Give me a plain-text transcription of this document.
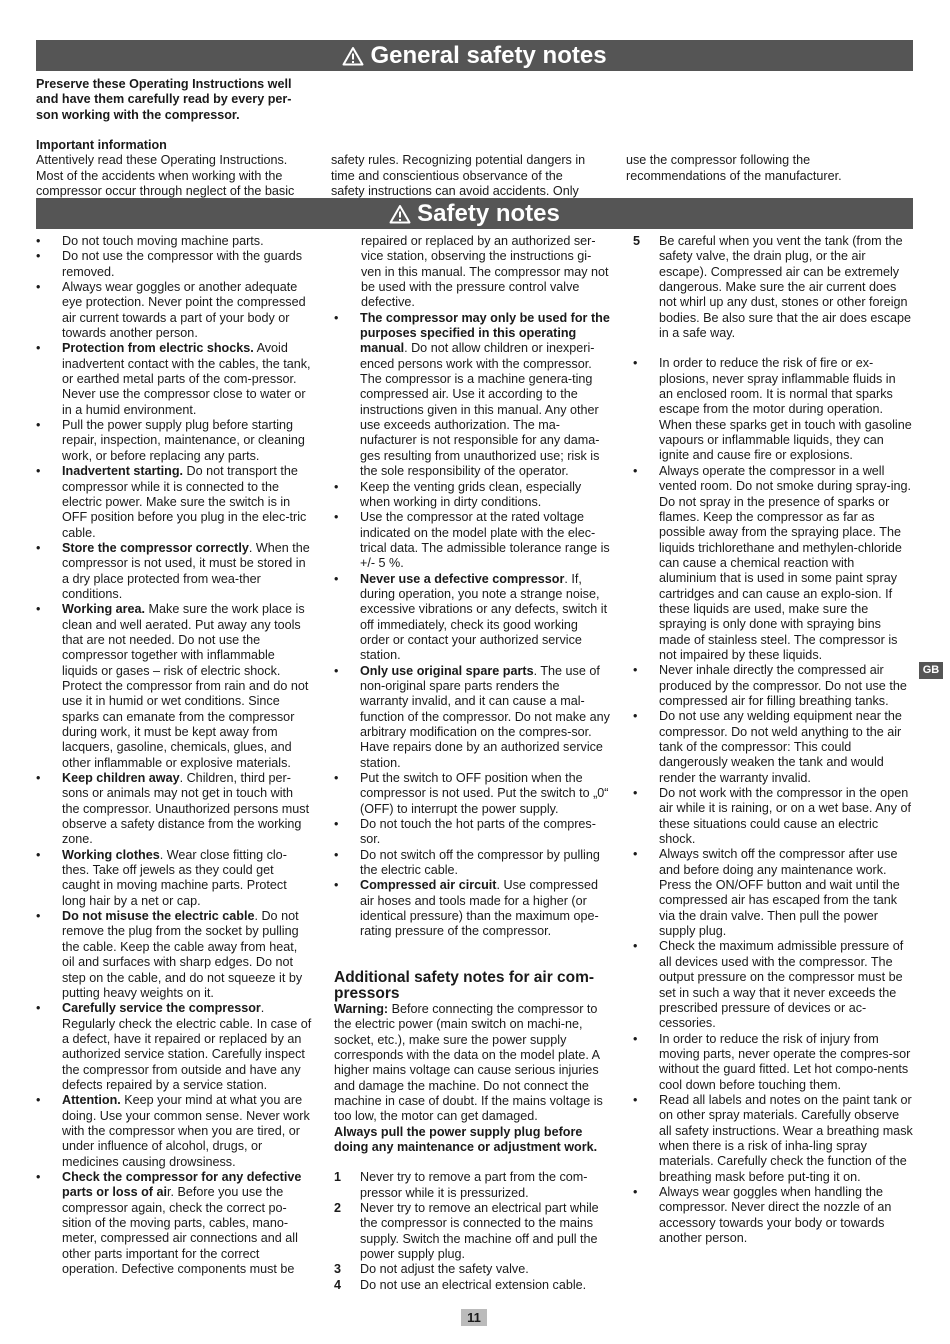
General safety notes

Preserve these Operating Instructions well and have them carefully read by every per-son working with the compressor.

Important information

Attentively read these Operating Instructions. Most of the accidents when working with the compressor occur through neglect of the basic safety rules. Recognizing potential dangers in time and conscientious observance of the safety instructions can avoid accidents. Only use the compressor following the recommendations of the manufacturer.

Safety notes
•	Do not touch moving machine parts.
•	Do not use the compressor with the guards removed.
•	Always wear goggles or another adequate eye protection. Never point the compressed air current towards a part of your body or towards another person.
•	Protection from electric shocks. Avoid inadvertent contact with the cables, the tank, or earthed metal parts of the com-pressor. Never use the compressor close to water or in a humid environment.
•	Pull the power supply plug before starting repair, inspection, maintenance, or cleaning work, or before replacing any parts.
•	Inadvertent starting. Do not transport the compressor while it is connected to the electric power. Make sure the switch is in OFF position before you plug in the elec-tric cable.
•	Store the compressor correctly. When the compressor is not used, it must be stored in a dry place protected from wea-ther conditions.
•	Working area. Make sure the work place is clean and well aerated. Put away any tools that are not needed. Do not use the compressor together with inflammable liquids or gases – risk of electric shock. Protect the compressor from rain and do not use it in humid or wet conditions. Since sparks can emanate from the compressor during work, it must be kept away from lacquers, gasoline, chemicals, glues, and other inflammable or explosive materials.
•	Keep children away. Children, third per-sons or animals may not get in touch with the compressor. Unauthorized persons must observe a safety distance from the working zone.
•	Working clothes. Wear close fitting clo-thes. Take off jewels as they could get caught in moving machine parts. Protect long hair by a net or cap.
•	Do not misuse the electric cable. Do not remove the plug from the socket by pulling the cable. Keep the cable away from heat, oil and surfaces with sharp edges. Do not step on the cable, and do not squeeze it by putting heavy weights on it.
•	Carefully service the compressor. Regularly check the electric cable. In case of a defect, have it repaired or replaced by an authorized service station. Carefully inspect the compressor from outside and have any defects repaired by a service station.
•	Attention. Keep your mind at what you are doing. Use your common sense. Never work with the compressor when you are tired, or under influence of alcohol, drugs, or medicines causing drowsiness.
•	Check the compressor for any defective parts or loss of air. Before you use the compressor again, check the correct po-sition of the moving parts, cables, mano-meter, compressed air connections and all other parts important for the correct operation. Defective components must be

repaired or replaced by an authorized ser-vice station, observing the instructions gi-ven in this manual. The compressor may not be used with the pressure control valve defective.

•	The compressor may only be used for the purposes specified in this operating manual. Do not allow children or inexperi-enced persons work with the compressor. The compressor is a machine genera-ting compressed air. Use it according to the instructions given in this manual. Any other use exceeds authorization. The ma-nufacturer is not responsible for any dama-ges resulting from unauthorized use; risk is the sole responsibility of the operator.
•	Keep the venting grids clean, especially when working in dirty conditions.
•	Use the compressor at the rated voltage indicated on the model plate with the elec-trical data. The admissible tolerance range is +/- 5 %.
•	Never use a defective compressor. If, during operation, you note a strange noise, excessive vibrations or any defects, switch it off immediately, check its good working order or contact your authorized service station.
•	Only use original spare parts. The use of non-original spare parts renders the warranty invalid, and it can cause a mal-function of the compressor. Do not make any arbitrary modification on the compres-sor. Have repairs done by an authorized service station.
•	Put the switch to OFF position when the compressor is not used. Put the switch to „0“ (OFF) to interrupt the power supply.
•	Do not touch the hot parts of the compres-sor.
•	Do not switch off the compressor by pulling the electric cable.
•	Compressed air circuit. Use compressed air hoses and tools made for a higher (or identical pressure) than the maximum ope-rating pressure of the compressor.

Additional safety notes for air com-pressors

Warning: Before connecting the compressor to the electric power (main switch on machi-ne, socket, etc.), make sure the power supply corresponds with the data on the model plate. A higher mains voltage can cause serious injuries and damage the machine. Do not connect the machine in case of doubt. If the mains voltage is too low, the motor can get damaged.

Always pull the power supply plug before doing any maintenance or adjustment work.

1	Never try to remove a part from the com-pressor while it is pressurized.
2	Never try to remove an electrical part while the compressor is connected to the mains supply. Switch the machine off and pull the power supply plug.
3	Do not adjust the safety valve.
4	Do not use an electrical extension cable.
5	Be careful when you vent the tank (from the safety valve, the drain plug, or the air escape). Compressed air can be extremely dangerous. Make sure the air current does not whirl up any dust, stones or other foreign bodies. Be also sure that the air does escape in a safe way.
•	In order to reduce the risk of fire or ex-plosions, never spray inflammable fluids in an enclosed room. It is normal that sparks escape from the motor during operation. When these sparks get in touch with gasoline vapours or inflammable liquids, they can ignite and cause fire or explosions.
•	Always operate the compressor in a well vented room. Do not smoke during spray-ing. Do not spray in the presence of sparks or flames. Keep the compressor as far as possible away from the spraying place. The liquids trichlorethane and methylen-chloride can cause a chemical reaction with aluminium that is used in some paint spray cartridges and can cause an explo-sion. If these liquids are used, make sure the spraying is only done with spraying bins made of stainless steel. The compressor is not impaired by these liquids.
•	Never inhale directly the compressed air produced by the compressor. Do not use the compressed air for filling breathing tanks.
•	Do not use any welding equipment near the compressor. Do not weld anything to the air tank of the compressor: This could dangerously weaken the tank and would render the warranty invalid.
•	Do not work with the compressor in the open air while it is raining, or on a wet base. Any of these situations could cause an electric shock.
•	Always switch off the compressor after use and before doing any maintenance work. Press the ON/OFF button and wait until the compressed air has escaped from the tank via the drain valve. Then pull the power supply plug.
•	Check the maximum admissible pressure of all devices used with the compressor. The output pressure on the compressor must be set in such a way that it never exceeds the prescribed pressure of devices or ac-cessories.
•	In order to reduce the risk of injury from moving parts, never operate the compres-sor without the guard fitted. Let hot compo-nents cool down before touching them.
•	Read all labels and notes on the paint tank or on other spray materials. Carefully observe all safety instructions. Wear a breathing mask when there is a risk of inha-ling spray materials. Carefully check the function of the breathing mask before put-ting it on.
•	Always wear goggles when handling the compressor. Never direct the nozzle of an accessory towards your body or towards another person.
GB
11
